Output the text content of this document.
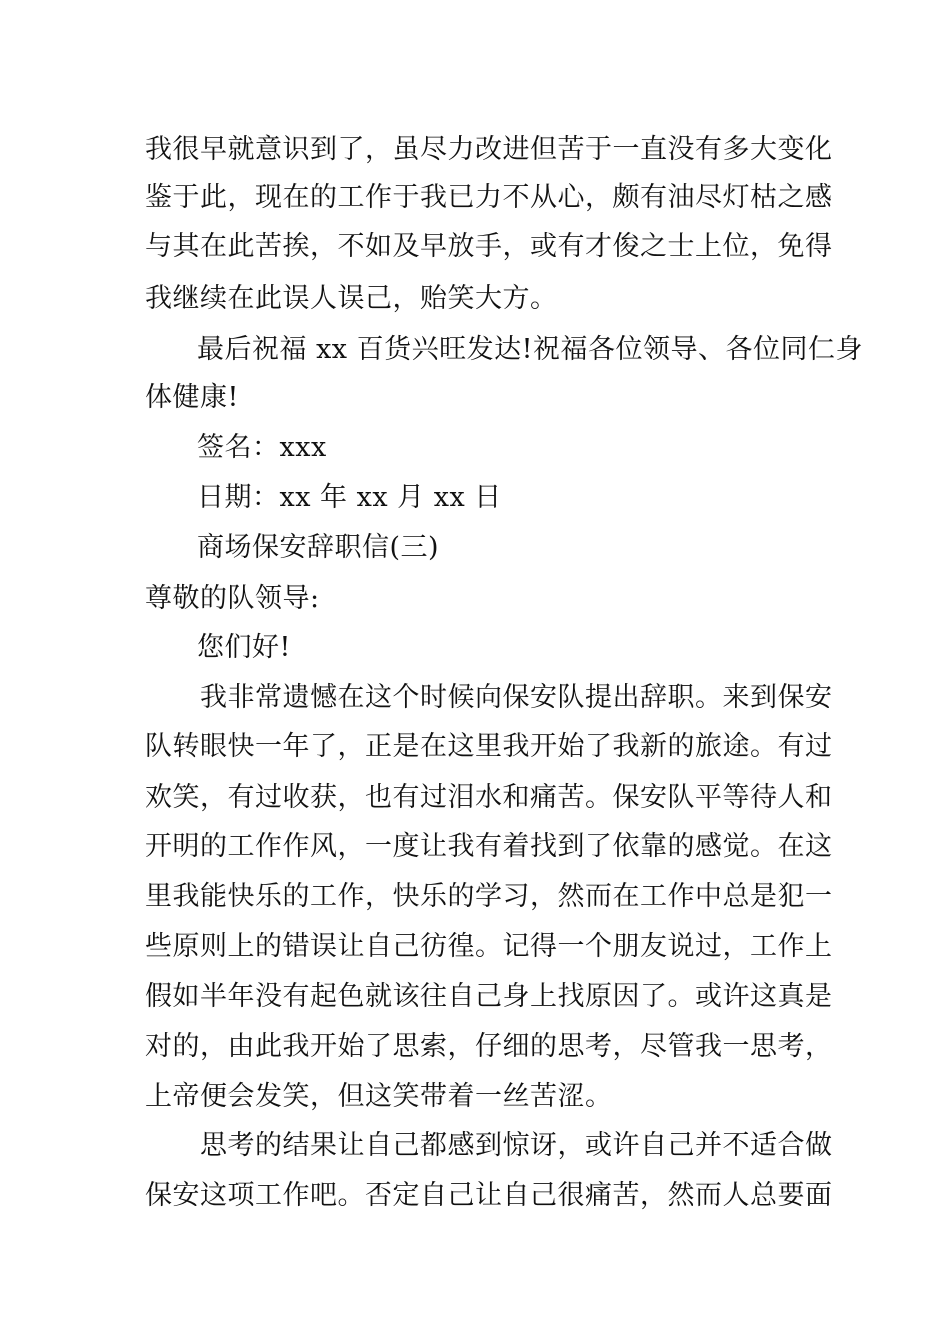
我很早就意识到了，虽尽力改进但苦于一直没有多大变化
鉴于此，现在的工作于我已力不从心，颇有油尽灯枯之感
与其在此苦挨，不如及早放手，或有才俊之士上位，免得
我继续在此误人误己，贻笑大方。
最后祝福 xx 百货兴旺发达!祝福各位领导、各位同仁身
体健康!
签名：xxx
日期：xx 年 xx 月 xx 日
商场保安辞职信(三)
尊敬的队领导:
您们好!
我非常遗憾在这个时候向保安队提出辞职。来到保安
队转眼快一年了，正是在这里我开始了我新的旅途。有过
欢笑，有过收获，也有过泪水和痛苦。保安队平等待人和
开明的工作作风，一度让我有着找到了依靠的感觉。在这
里我能快乐的工作，快乐的学习，然而在工作中总是犯一
些原则上的错误让自己彷徨。记得一个朋友说过，工作上
假如半年没有起色就该往自己身上找原因了。或许这真是
对的，由此我开始了思索，仔细的思考，尽管我一思考，
上帝便会发笑，但这笑带着一丝苦涩。
思考的结果让自己都感到惊讶，或许自己并不适合做
保安这项工作吧。否定自己让自己很痛苦，然而人总要面
